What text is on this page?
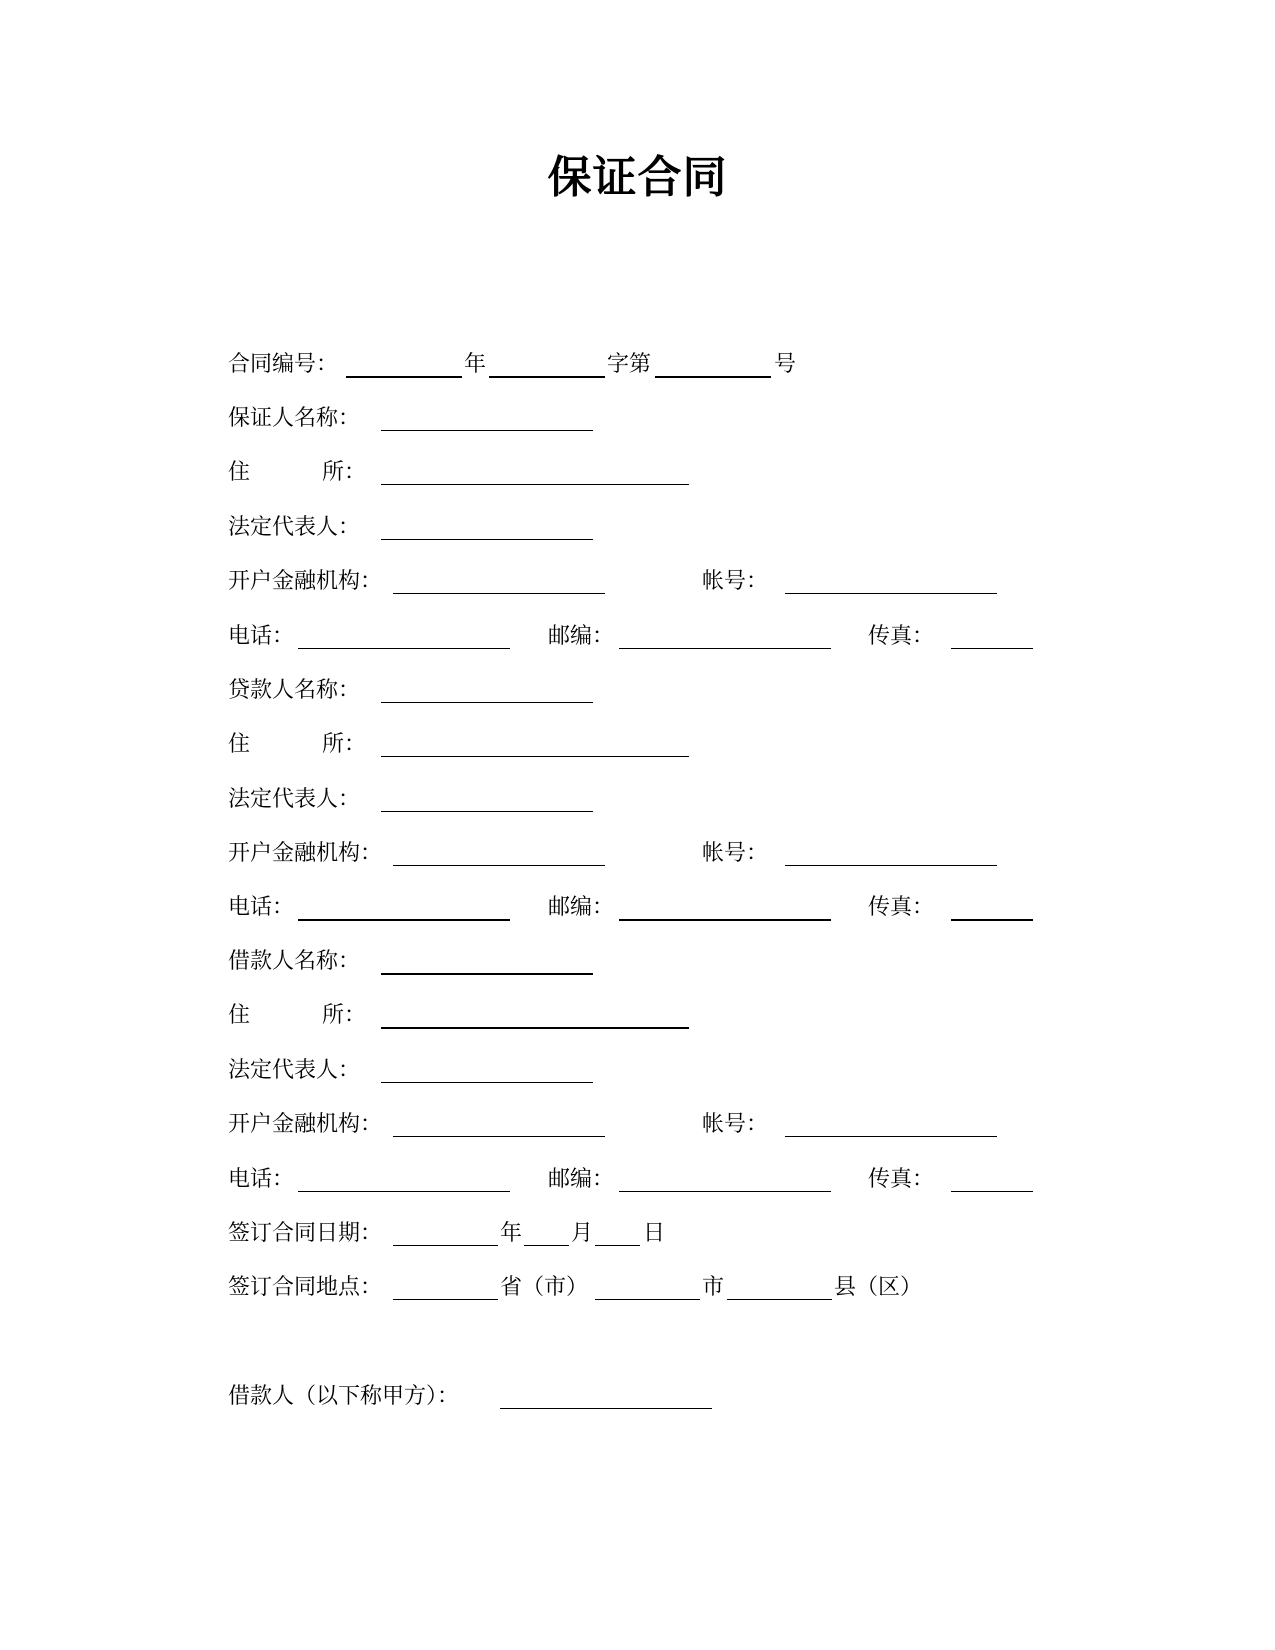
保证合同
合同编号：	年	字第	号
保证人名称：
住	所：
法定代表人：
开户金融机构：	帐号：
电话：	邮编：	传真：
贷款人名称：
住	所：
法定代表人：
开户金融机构：	帐号：
电话：	邮编：	传真：
借款人名称：
住	所：
法定代表人：
开户金融机构：	帐号：
电话：	邮编：	传真：
签订合同日期：	年 月 日
签订合同地点：	省（市）	市	县（区）
借款人（以下称甲方）：
